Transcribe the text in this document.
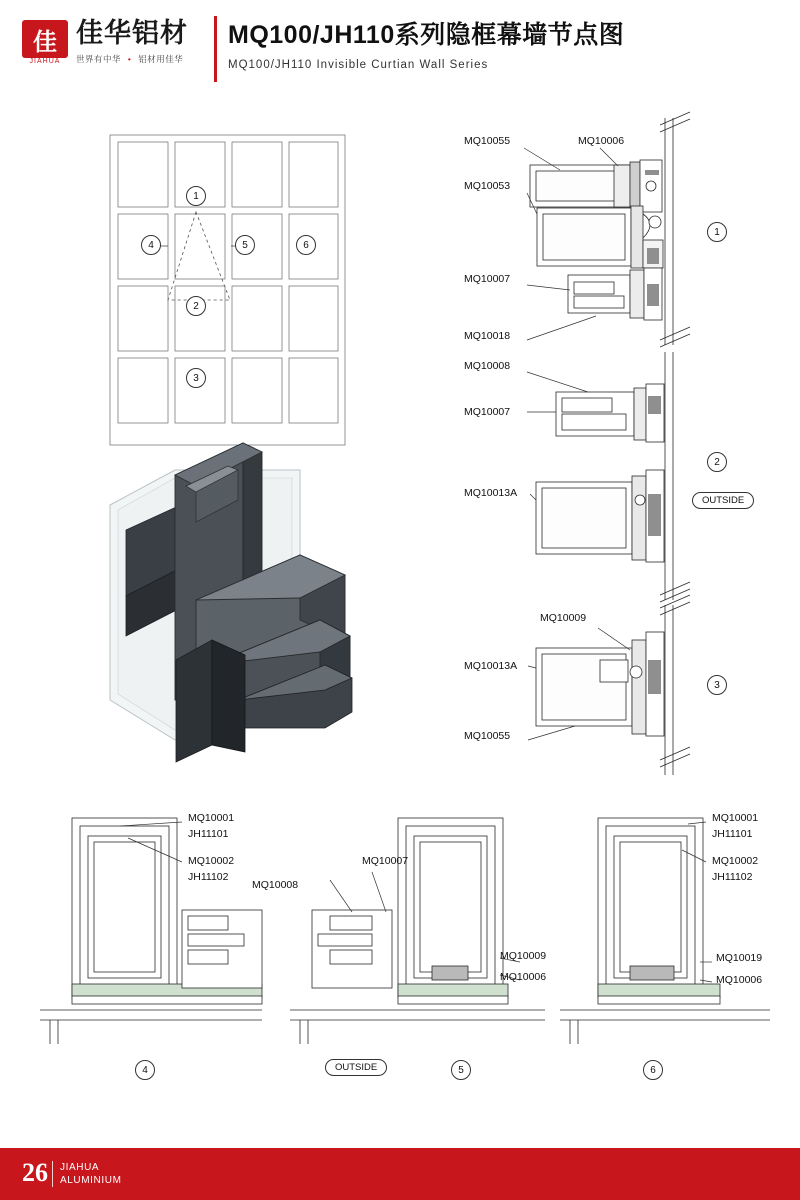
佳
JIAHUA
佳华铝材
世界有中华 • 铝材用佳华
MQ100/JH110系列隐框幕墙节点图
MQ100/JH110 Invisible Curtian Wall Series
1
4	5	6
2
3
MQ10055	MQ10006
MQ10053
MQ10007
MQ10018
1
MQ10008
MQ10007
MQ10013A
2
OUTSIDE
MQ10009
MQ10013A
MQ10055
3
MQ10001
JH11101
MQ10002
JH11102
4
MQ10007
MQ10008
MQ10009
MQ10006
OUTSIDE	5
MQ10001
JH11101
MQ10002
JH11102
MQ10019
MQ10006
6
26 JIAHUA
ALUMINIUM
